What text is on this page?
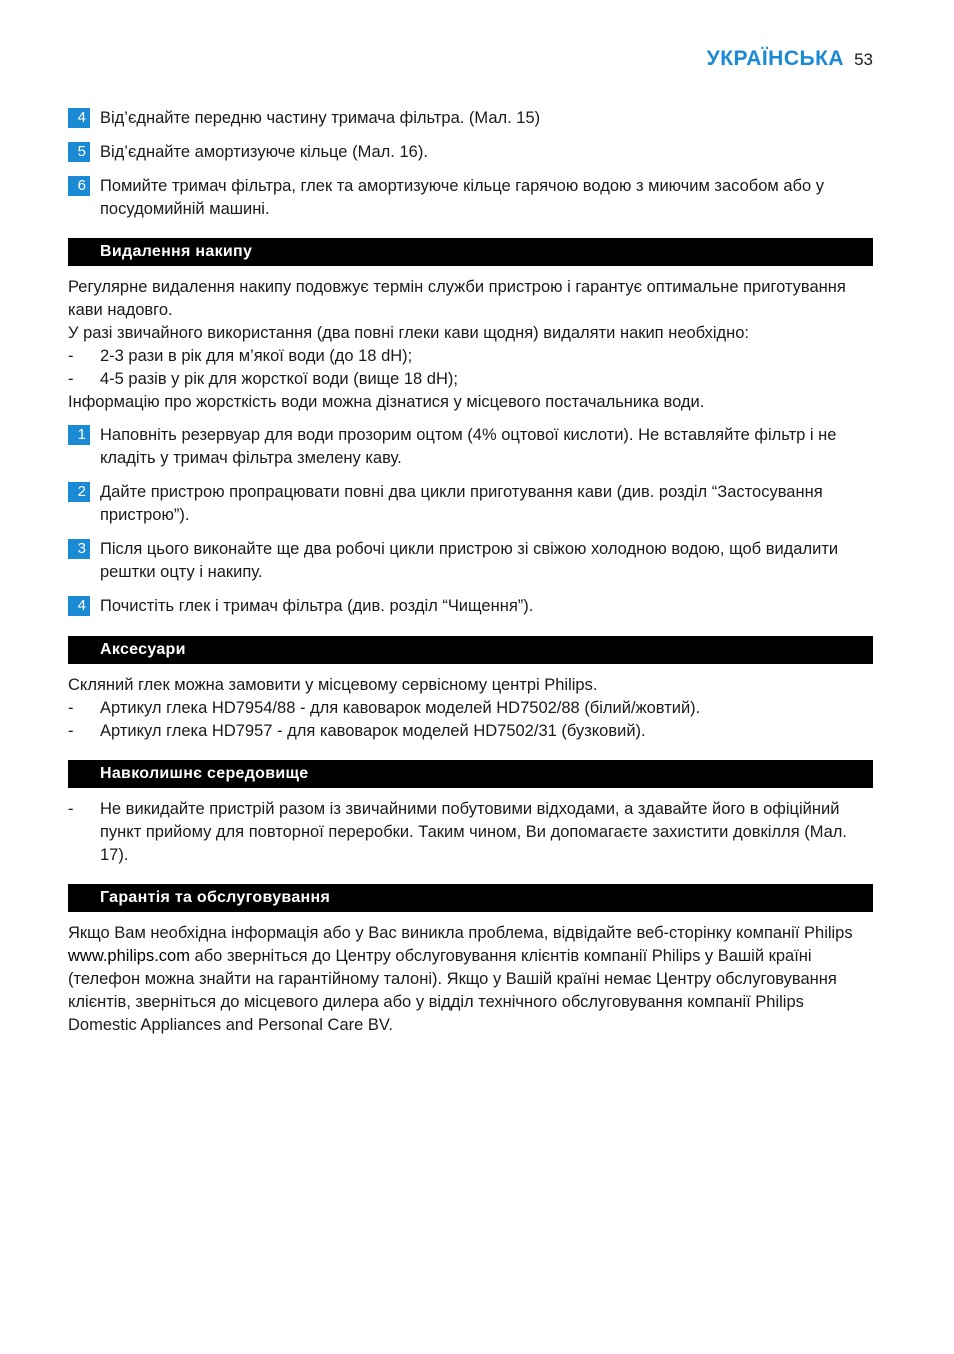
УКРАЇНСЬКА 53
4 Від’єднайте передню частину тримача фільтра. (Мал. 15)
5 Від’єднайте амортизуюче кільце (Мал. 16).
6 Помийте тримач фільтра, глек та амортизуюче кільце гарячою водою з миючим засобом або у посудомийній машині.
Видалення накипу
Регулярне видалення накипу подовжує термін служби пристрою і гарантує оптимальне приготування кави надовго.
У разі звичайного використання (два повні глеки кави щодня) видаляти накип необхідно:
-	2-3 рази в рік для м’якої води (до 18 dH);
-	4-5 разів у рік для жорсткої води (вище 18 dH);
Інформацію про жорсткість води можна дізнатися у місцевого постачальника води.
1 Наповніть резервуар для води прозорим оцтом (4% оцтової кислоти). Не вставляйте фільтр і не кладіть у тримач фільтра змелену каву.
2 Дайте пристрою пропрацювати повні два цикли приготування кави (див. розділ “Застосування пристрою”).
3 Після цього виконайте ще два робочі цикли пристрою зі свіжою холодною водою, щоб видалити рештки оцту і накипу.
4 Почистіть глек і тримач фільтра (див. розділ “Чищення”).
Аксесуари
Скляний глек можна замовити у місцевому сервісному центрі Philips.
-	Артикул глека HD7954/88 - для кавоварок моделей HD7502/88 (білий/жовтий).
-	Артикул глека HD7957 - для кавоварок моделей HD7502/31 (бузковий).
Навколишнє середовище
-	Не викидайте пристрій разом із звичайними побутовими відходами, а здавайте його в офіційний пункт прийому для повторної переробки. Таким чином, Ви допомагаєте захистити довкілля (Мал. 17).
Гарантія та обслуговування
Якщо Вам необхідна інформація або у Вас виникла проблема, відвідайте веб-сторінку компанії Philips www.philips.com або зверніться до Центру обслуговування клієнтів компанії Philips у Вашій країні (телефон можна знайти на гарантійному талоні). Якщо у Вашій країні немає Центру обслуговування клієнтів, зверніться до місцевого дилера або у відділ технічного обслуговування компанії Philips Domestic Appliances and Personal Care BV.
